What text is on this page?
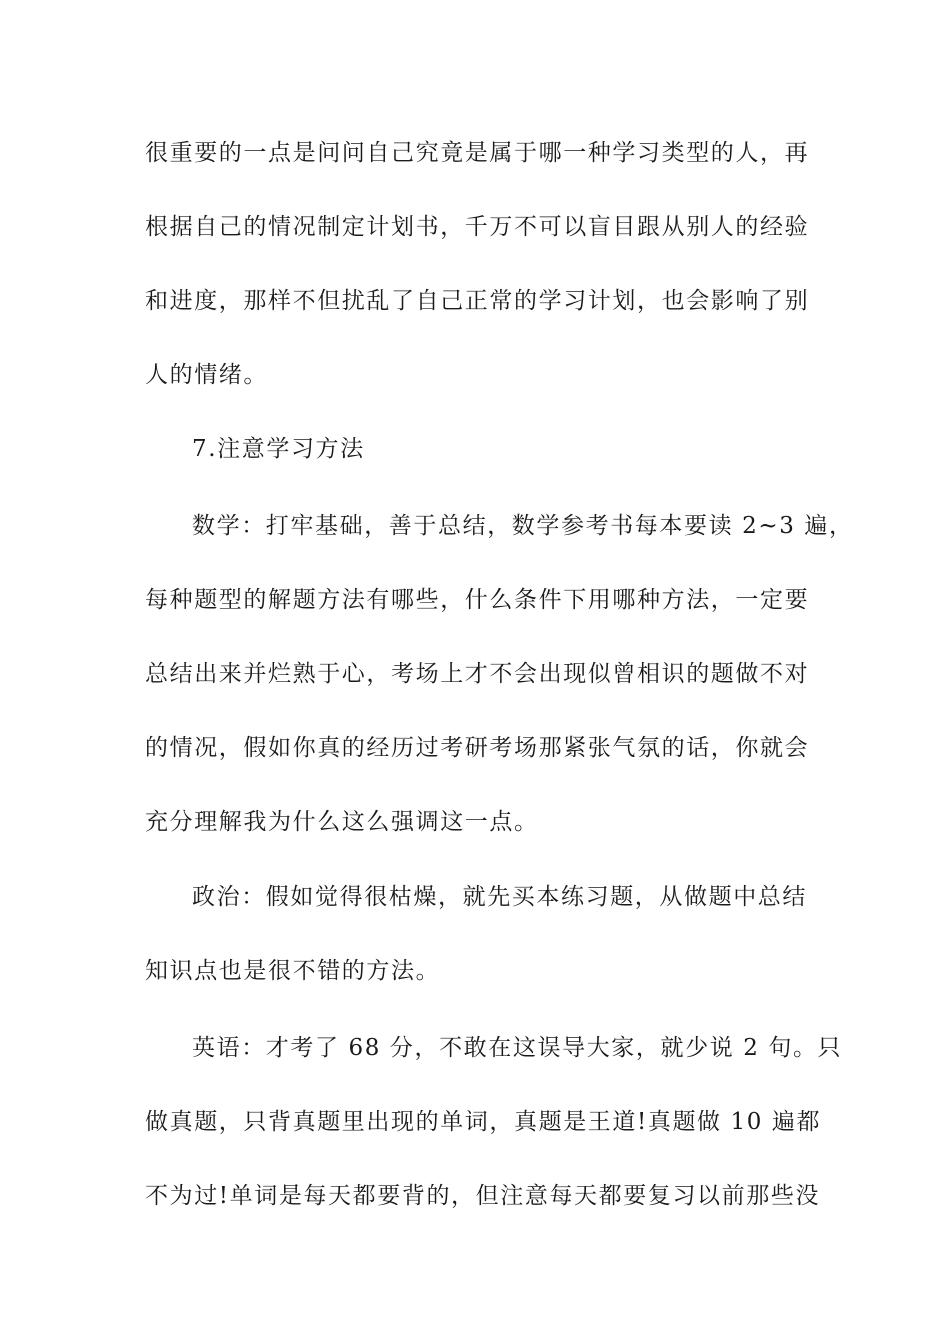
很重要的一点是问问自己究竟是属于哪一种学习类型的人，再
根据自己的情况制定计划书，千万不可以盲目跟从别人的经验
和进度，那样不但扰乱了自己正常的学习计划，也会影响了别
人的情绪。
7.注意学习方法
数学：打牢基础，善于总结，数学参考书每本要读 2~3 遍，
每种题型的解题方法有哪些，什么条件下用哪种方法，一定要
总结出来并烂熟于心，考场上才不会出现似曾相识的题做不对
的情况，假如你真的经历过考研考场那紧张气氛的话，你就会
充分理解我为什么这么强调这一点。
政治：假如觉得很枯燥，就先买本练习题，从做题中总结
知识点也是很不错的方法。
英语：才考了 68 分，不敢在这误导大家，就少说 2 句。只
做真题，只背真题里出现的单词，真题是王道!真题做 10 遍都
不为过!单词是每天都要背的，但注意每天都要复习以前那些没
